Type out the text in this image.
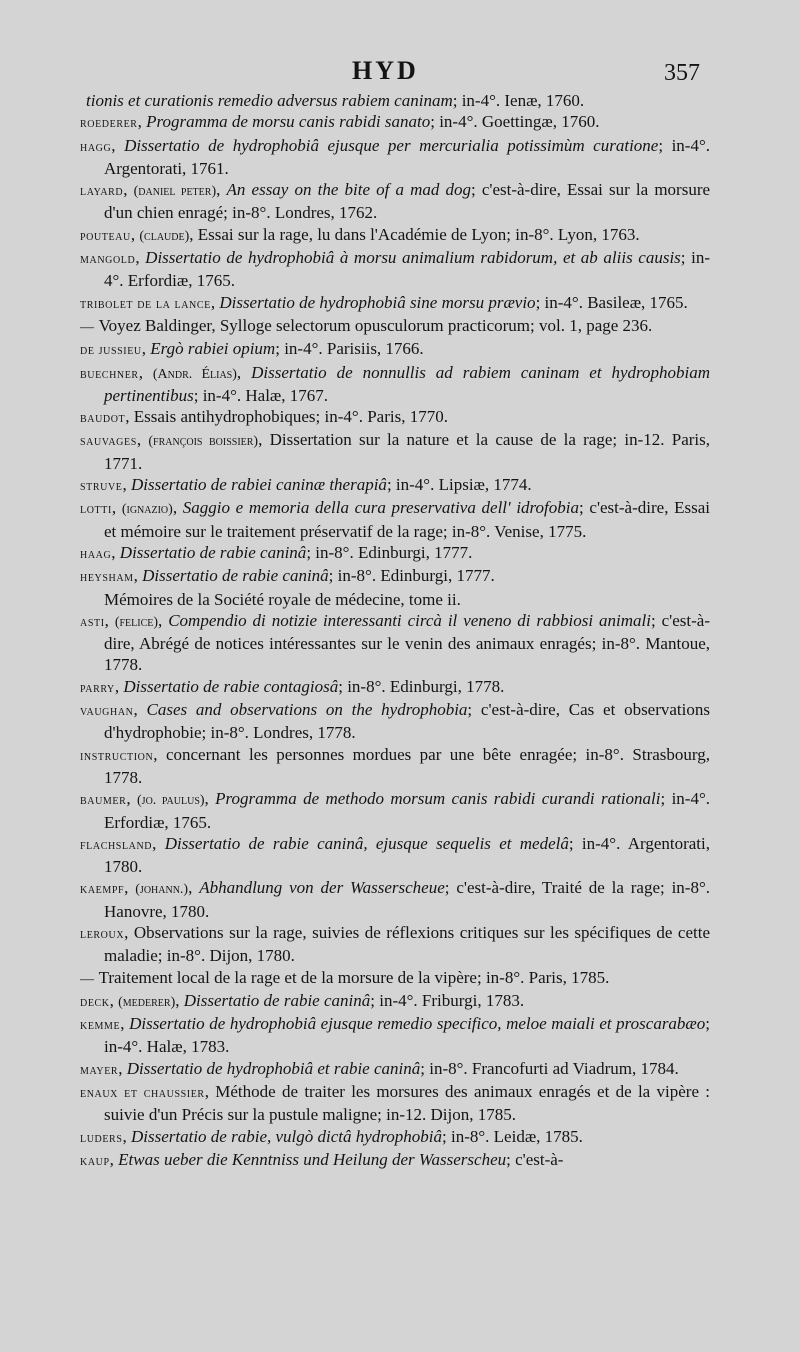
HYD	357
tionis et curationis remedio adversus rabiem caninam; in-4°. Ienæ, 1760.
roederer, Programma de morsu canis rabidi sanato; in-4°. Goettingæ, 1760.
hagg, Dissertatio de hydrophobiâ ejusque per mercurialia potissimùm curatione; in-4°. Argentorati, 1761.
layard, (daniel peter), An essay on the bite of a mad dog; c'est-à-dire, Essai sur la morsure d'un chien enragé; in-8°. Londres, 1762.
pouteau, (claude), Essai sur la rage, lu dans l'Académie de Lyon; in-8°. Lyon, 1763.
mangold, Dissertatio de hydrophobiâ à morsu animalium rabidorum, et ab aliis causis; in-4°. Erfordiæ, 1765.
tribolet de la lance, Dissertatio de hydrophobiâ sine morsu prævio; in-4°. Basileæ, 1765.
— Voyez Baldinger, Sylloge selectorum opusculorum practicorum; vol. 1, page 236.
de jussieu, Ergò rabiei opium; in-4°. Parisiis, 1766.
buechner, (Andr. Élias), Dissertatio de nonnullis ad rabiem caninam et hydrophobiam pertinentibus; in-4°. Halæ, 1767.
baudot, Essais antihydrophobiques; in-4°. Paris, 1770.
sauvages, (françois boissier), Dissertation sur la nature et la cause de la rage; in-12. Paris, 1771.
struve, Dissertatio de rabiei caninæ therapiâ; in-4°. Lipsiæ, 1774.
lotti, (ignazio), Saggio e memoria della cura preservativa dell' idrofobia; c'est-à-dire, Essai et mémoire sur le traitement préservatif de la rage; in-8°. Venise, 1775.
haag, Dissertatio de rabie caninâ; in-8°. Edinburgi, 1777.
heysham, Dissertatio de rabie caninâ; in-8°. Edinburgi, 1777.
Mémoires de la Société royale de médecine, tome ii.
asti, (felice), Compendio di notizie interessanti circà il veneno di rabbiosi animali; c'est-à-dire, Abrégé de notices intéressantes sur le venin des animaux enragés; in-8°. Mantoue, 1778.
parry, Dissertatio de rabie contagiosâ; in-8°. Edinburgi, 1778.
vaughan, Cases and observations on the hydrophobia; c'est-à-dire, Cas et observations d'hydrophobie; in-8°. Londres, 1778.
instruction, concernant les personnes mordues par une bête enragée; in-8°. Strasbourg, 1778.
baumer, (jo. paulus), Programma de methodo morsum canis rabidi curandi rationali; in-4°. Erfordiæ, 1765.
flachsland, Dissertatio de rabie caninâ, ejusque sequelis et medelâ; in-4°. Argentorati, 1780.
kaempf, (johann.), Abhandlung von der Wasserscheue; c'est-à-dire, Traité de la rage; in-8°. Hanovre, 1780.
leroux, Observations sur la rage, suivies de réflexions critiques sur les spécifiques de cette maladie; in-8°. Dijon, 1780.
— Traitement local de la rage et de la morsure de la vipère; in-8°. Paris, 1785.
deck, (mederer), Dissertatio de rabie caninâ; in-4°. Friburgi, 1783.
kemme, Dissertatio de hydrophobiâ ejusque remedio specifico, meloe maiali et proscarabæo; in-4°. Halæ, 1783.
mayer, Dissertatio de hydrophobiâ et rabie caninâ; in-8°. Francofurti ad Viadrum, 1784.
enaux et chaussier, Méthode de traiter les morsures des animaux enragés et de la vipère : suivie d'un Précis sur la pustule maligne; in-12. Dijon, 1785.
luders, Dissertatio de rabie, vulgò dictâ hydrophobiâ; in-8°. Leidæ, 1785.
kaup, Etwas ueber die Kenntniss und Heilung der Wasserscheu; c'est-à-
